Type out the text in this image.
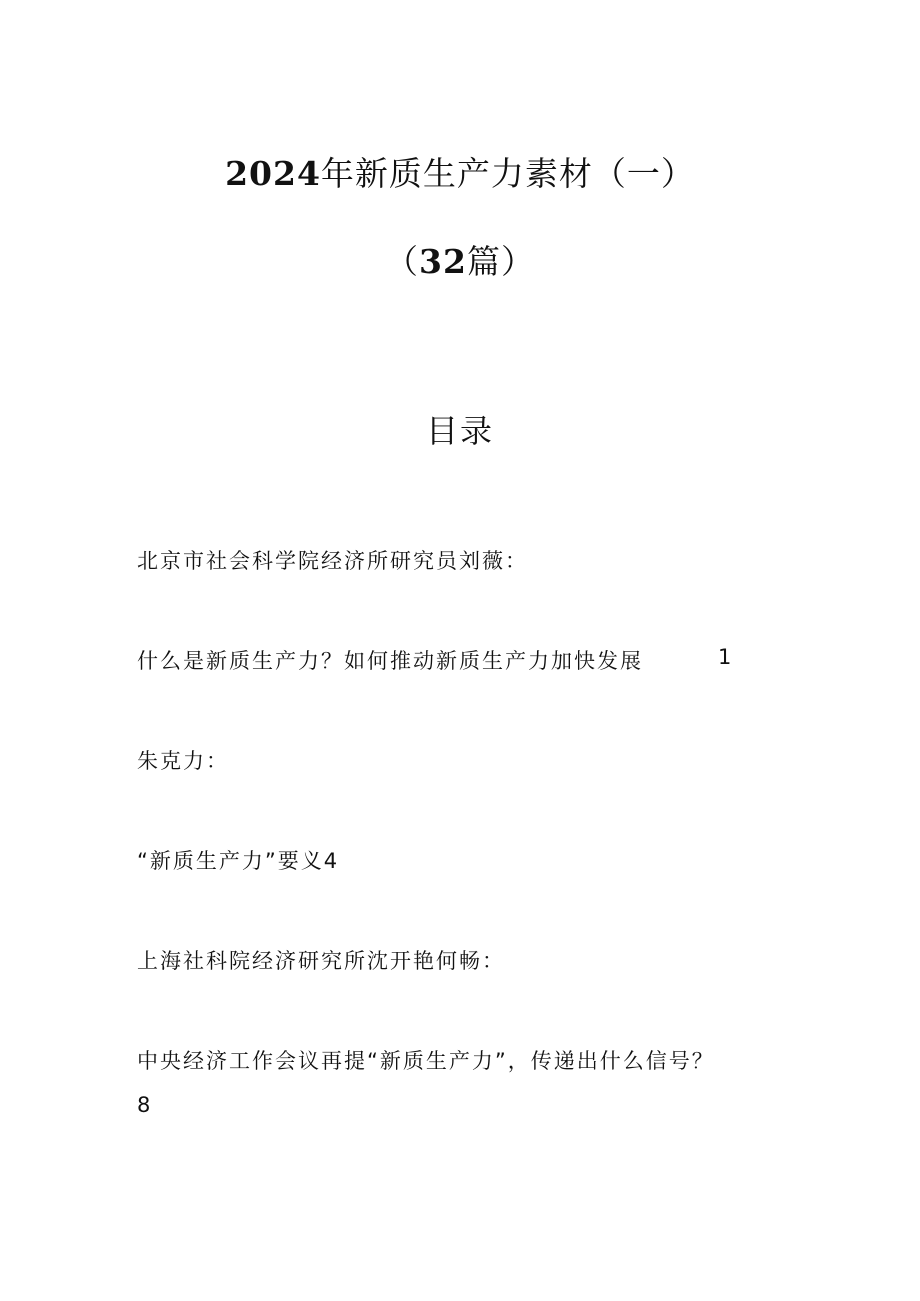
2024年新质生产力素材（一）
（32篇）
目录

北京市社会科学院经济所研究员刘薇：

什么是新质生产力？如何推动新质生产力加快发展	1

朱克力：

“新质生产力”要义4

上海社科院经济研究所沈开艳何畅：

中央经济工作会议再提“新质生产力”，传递出什么信号？

8
